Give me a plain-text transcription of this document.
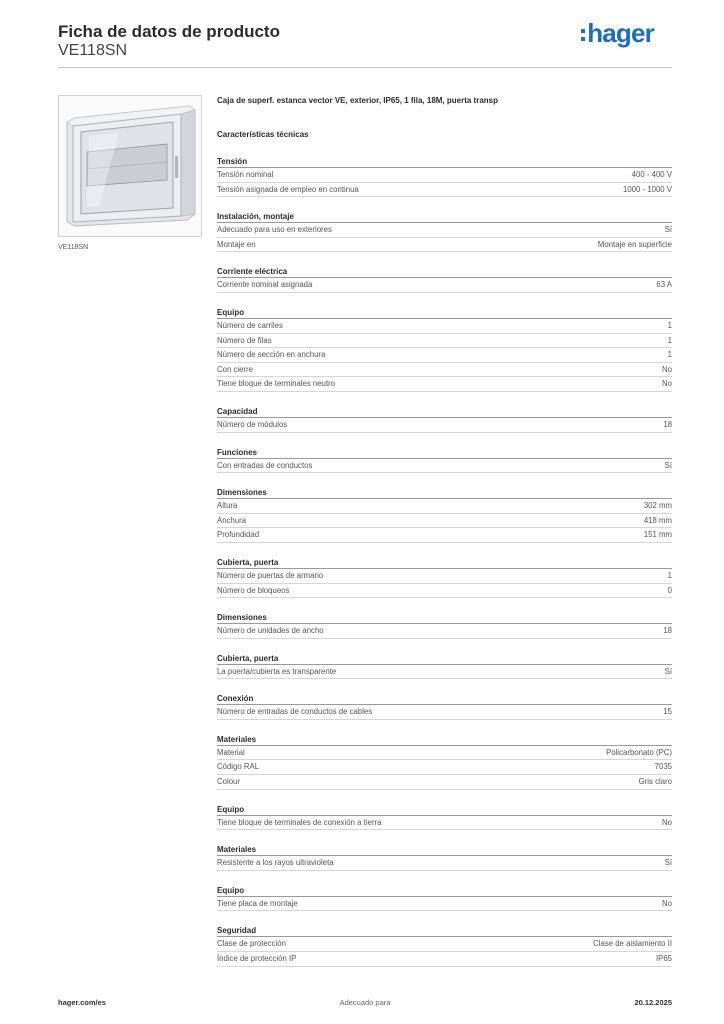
Ficha de datos de producto
VE118SN
hager
VE118SN
Caja de superf. estanca vector VE, exterior, IP65, 1 fila, 18M, puerta transp
Características técnicas
Tensión
Tensión nominal	400 - 400 V
Tensión asignada de empleo en continua	1000 - 1000 V
Instalación, montaje
Adecuado para uso en exteriores	Sí
Montaje en	Montaje en superficie
Corriente eléctrica
Corriente nominal asignada	63 A
Equipo
Número de carriles	1
Número de filas	1
Número de sección en anchura	1
Con cierre	No
Tiene bloque de terminales neutro	No
Capacidad
Número de módulos	18
Funciones
Con entradas de conductos	Sí
Dimensiones
Altura	302 mm
Anchura	418 mm
Profundidad	151 mm
Cubierta, puerta
Número de puertas de armario	1
Número de bloqueos	0
Dimensiones
Número de unidades de ancho	18
Cubierta, puerta
La puerta/cubierta es transparente	Sí
Conexión
Número de entradas de conductos de cables	15
Materiales
Material	Policarbonato (PC)
Código RAL	7035
Colour	Gris claro
Equipo
Tiene bloque de terminales de conexión a tierra	No
Materiales
Resistente a los rayos ultravioleta	Sí
Equipo
Tiene placa de montaje	No
Seguridad
Clase de protección	Clase de aislamiento II
Índice de protección IP	IP65
hager.com/es	Adecuado para	20.12.2025
